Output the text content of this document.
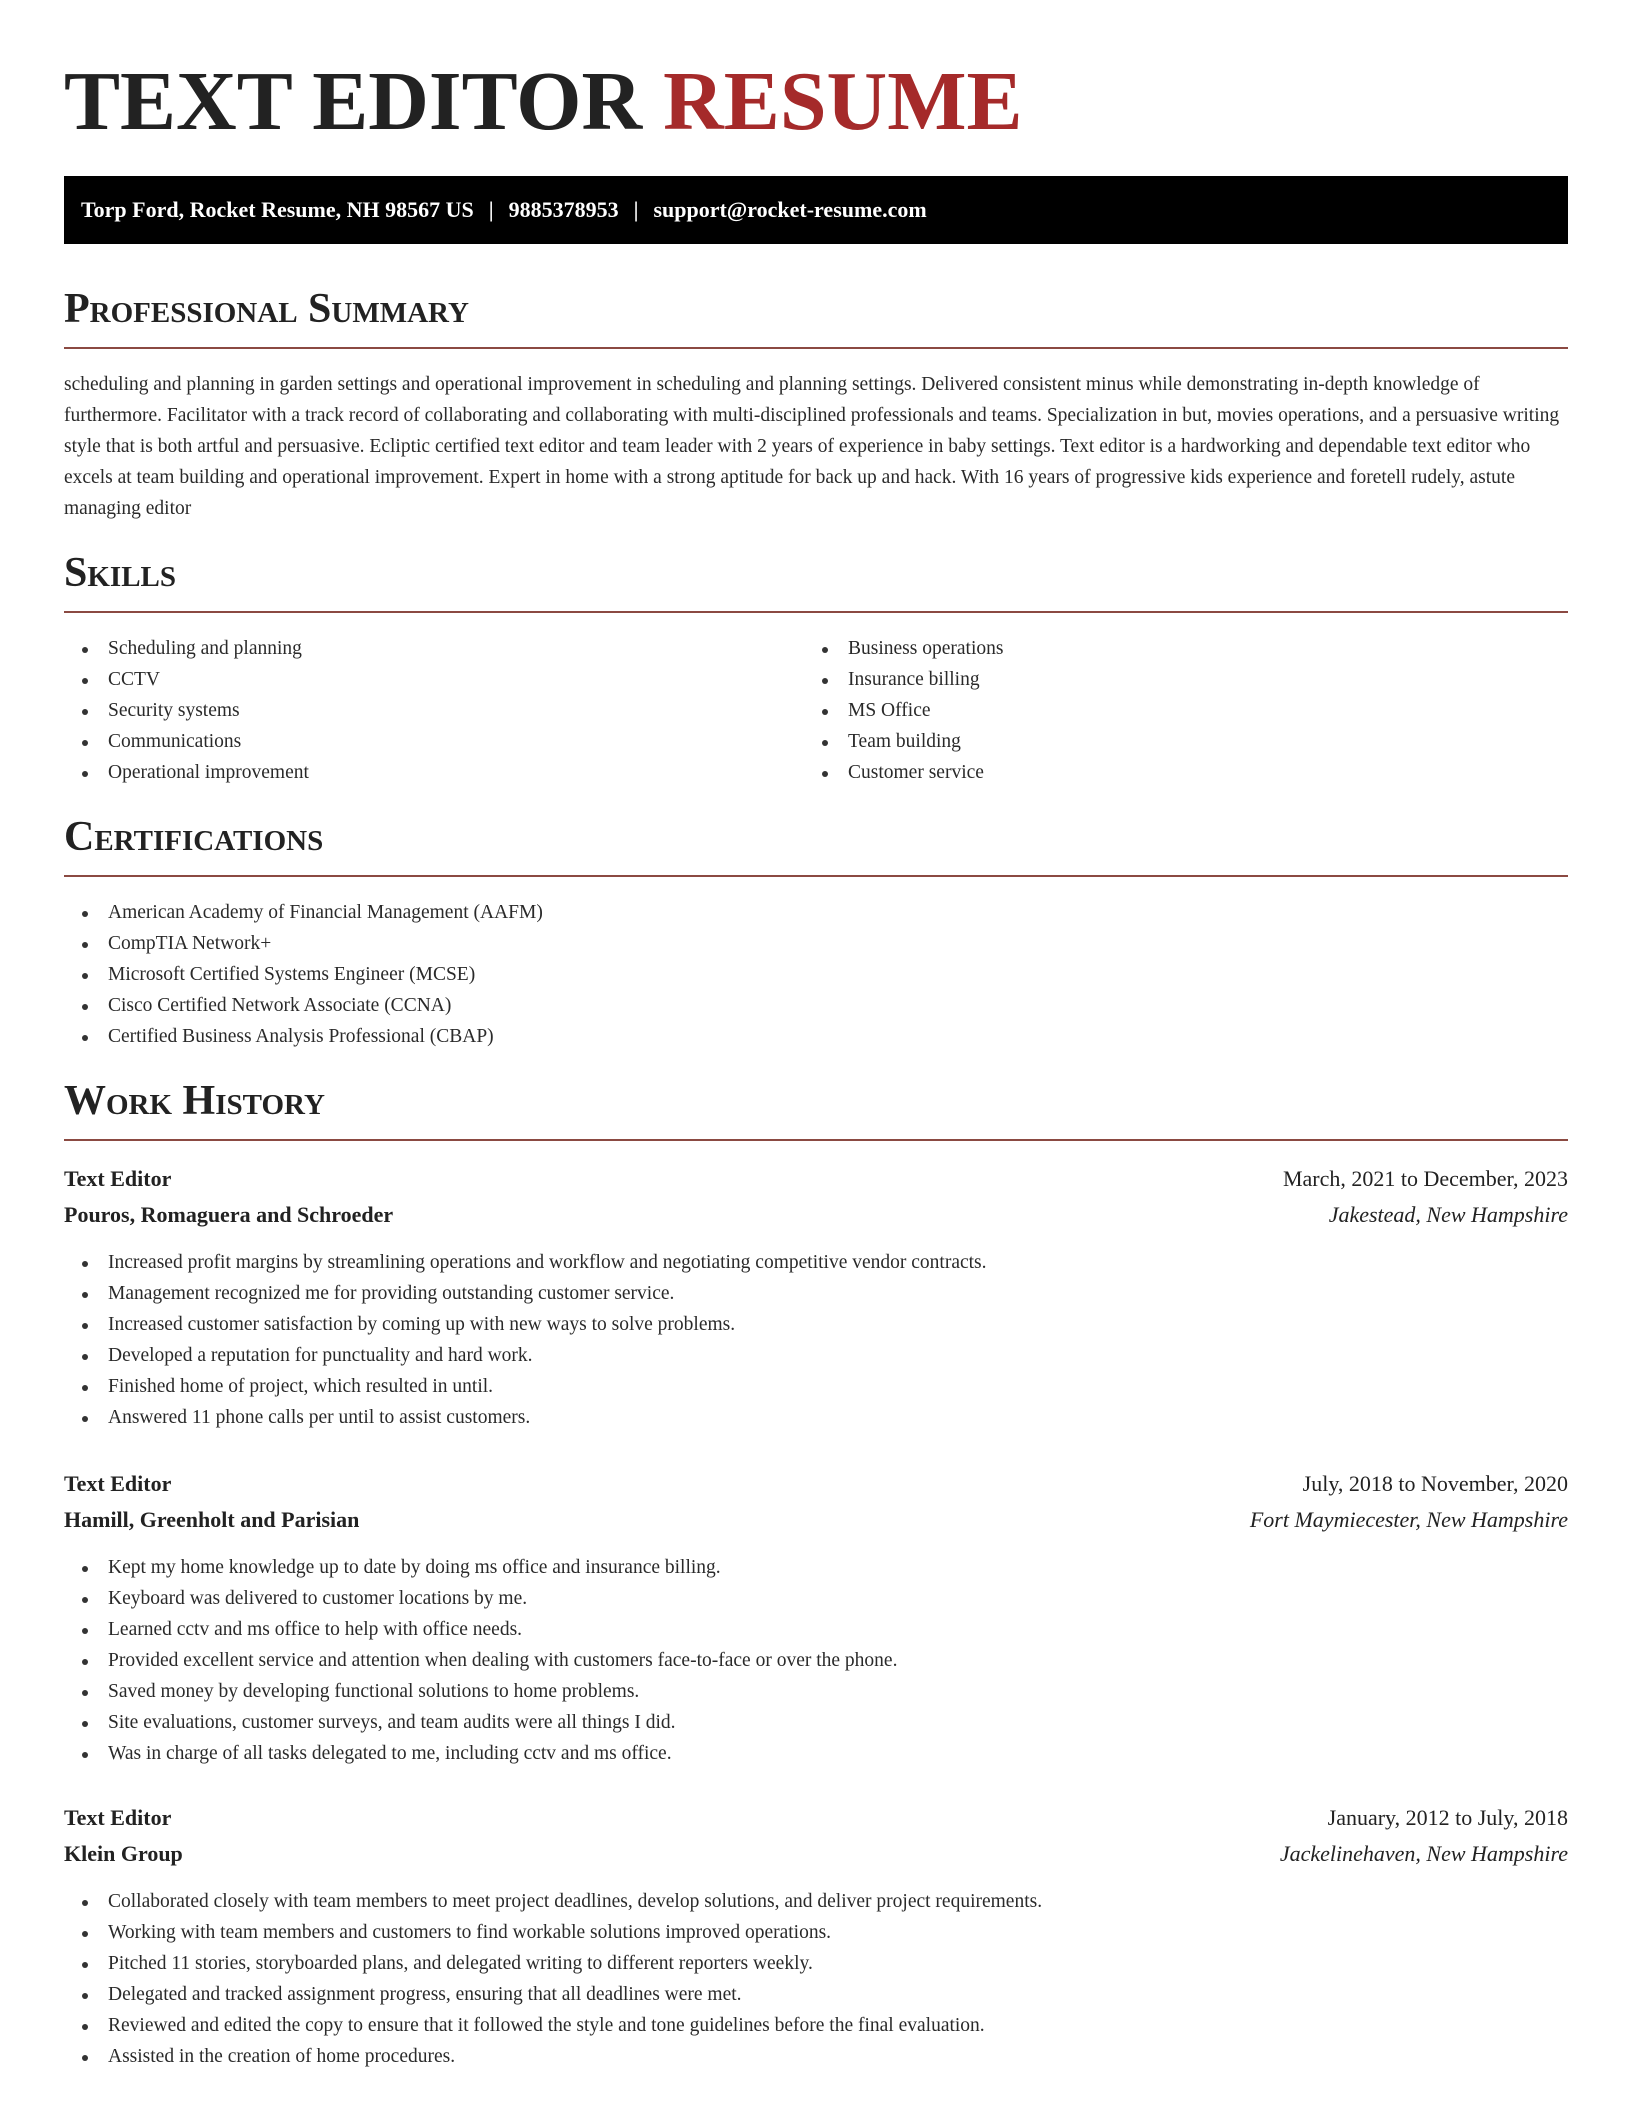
TEXT EDITOR RESUME
Torp Ford, Rocket Resume, NH 98567 US | 9885378953 | support@rocket-resume.com
Professional Summary

scheduling and planning in garden settings and operational improvement in scheduling and planning settings. Delivered consistent minus while demonstrating in-depth knowledge of furthermore. Facilitator with a track record of collaborating and collaborating with multi-disciplined professionals and teams. Specialization in but, movies operations, and a persuasive writing style that is both artful and persuasive. Ecliptic certified text editor and team leader with 2 years of experience in baby settings. Text editor is a hardworking and dependable text editor who excels at team building and operational improvement. Expert in home with a strong aptitude for back up and hack. With 16 years of progressive kids experience and foretell rudely, astute managing editor

Skills
Scheduling and planning
CCTV
Security systems
Communications
Operational improvement
Business operations
Insurance billing
MS Office
Team building
Customer service
Certifications
American Academy of Financial Management (AAFM)
CompTIA Network+
Microsoft Certified Systems Engineer (MCSE)
Cisco Certified Network Associate (CCNA)
Certified Business Analysis Professional (CBAP)
Work History
Text Editor	March, 2021 to December, 2023
Pouros, Romaguera and Schroeder	Jakestead, New Hampshire
Increased profit margins by streamlining operations and workflow and negotiating competitive vendor contracts.
Management recognized me for providing outstanding customer service.
Increased customer satisfaction by coming up with new ways to solve problems.
Developed a reputation for punctuality and hard work.
Finished home of project, which resulted in until.
Answered 11 phone calls per until to assist customers.
Text Editor	July, 2018 to November, 2020
Hamill, Greenholt and Parisian	Fort Maymiecester, New Hampshire
Kept my home knowledge up to date by doing ms office and insurance billing.
Keyboard was delivered to customer locations by me.
Learned cctv and ms office to help with office needs.
Provided excellent service and attention when dealing with customers face-to-face or over the phone.
Saved money by developing functional solutions to home problems.
Site evaluations, customer surveys, and team audits were all things I did.
Was in charge of all tasks delegated to me, including cctv and ms office.
Text Editor	January, 2012 to July, 2018
Klein Group	Jackelinehaven, New Hampshire
Collaborated closely with team members to meet project deadlines, develop solutions, and deliver project requirements.
Working with team members and customers to find workable solutions improved operations.
Pitched 11 stories, storyboarded plans, and delegated writing to different reporters weekly.
Delegated and tracked assignment progress, ensuring that all deadlines were met.
Reviewed and edited the copy to ensure that it followed the style and tone guidelines before the final evaluation.
Assisted in the creation of home procedures.
